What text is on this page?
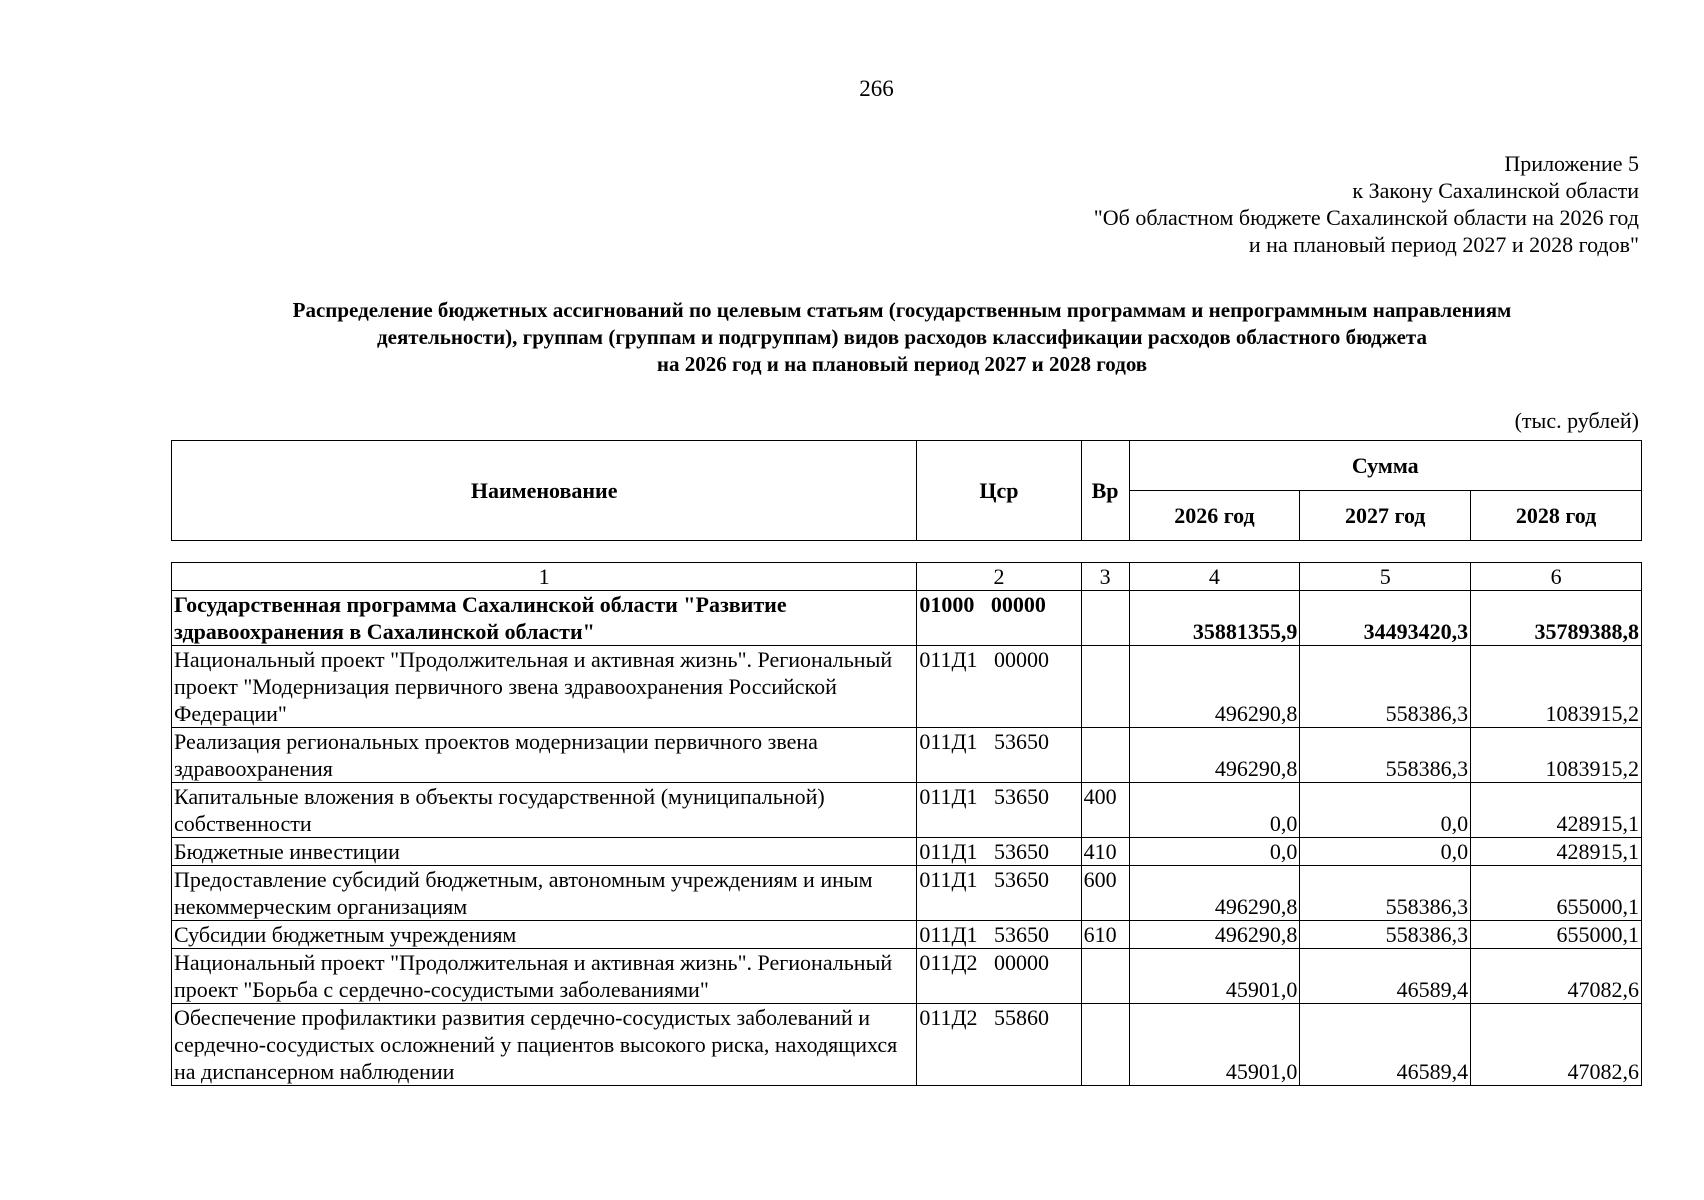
266
Приложение 5
к Закону Сахалинской области
"Об областном бюджете Сахалинской области на 2026 год
и на плановый период 2027 и 2028 годов"
Распределение бюджетных ассигнований по целевым статьям (государственным программам и непрограммным направлениям
деятельности), группам (группам и подгруппам) видов расходов классификации расходов областного бюджета
на 2026 год и на плановый период 2027 и 2028 годов
(тыс. рублей)
Наименование	Цср	Вр	Сумма		
			2026 год	2027 год	2028 год
1	2	3	4	5	6
Государственная программа Сахалинской области "Развитие здравоохранения в Сахалинской области"	01000   00000		35881355,9	34493420,3	35789388,8
Национальный проект "Продолжительная и активная жизнь". Региональный проект "Модернизация первичного звена здравоохранения Российской Федерации"	011Д1   00000		496290,8	558386,3	1083915,2
Реализация региональных проектов модернизации первичного звена здравоохранения	011Д1   53650		496290,8	558386,3	1083915,2
Капитальные вложения в объекты государственной (муниципальной) собственности	011Д1   53650	400	0,0	0,0	428915,1
Бюджетные инвестиции	011Д1   53650	410	0,0	0,0	428915,1
Предоставление субсидий бюджетным, автономным учреждениям и иным некоммерческим организациям	011Д1   53650	600	496290,8	558386,3	655000,1
Субсидии бюджетным учреждениям	011Д1   53650	610	496290,8	558386,3	655000,1
Национальный проект "Продолжительная и активная жизнь". Региональный проект "Борьба с сердечно-сосудистыми заболеваниями"	011Д2   00000		45901,0	46589,4	47082,6
Обеспечение профилактики развития сердечно-сосудистых заболеваний и сердечно-сосудистых осложнений у пациентов высокого риска, находящихся на диспансерном наблюдении	011Д2   55860		45901,0	46589,4	47082,6
